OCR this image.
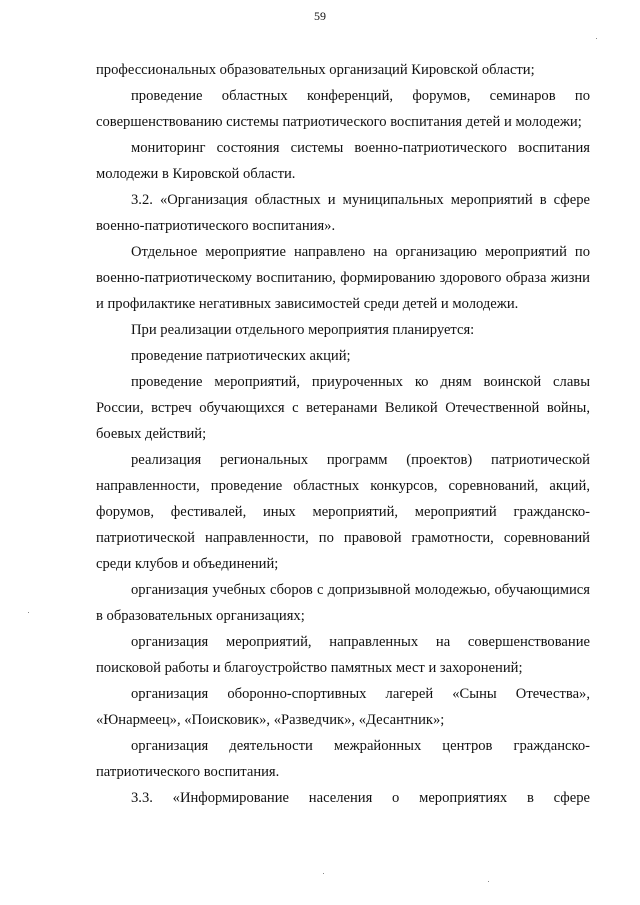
59

профессиональных образовательных организаций Кировской области;

проведение областных конференций, форумов, семинаров по совершенствованию системы патриотического воспитания детей и молодежи;

мониторинг состояния системы военно-патриотического воспитания молодежи в Кировской области.

3.2. «Организация областных и муниципальных мероприятий в сфере военно-патриотического воспитания».

Отдельное мероприятие направлено на организацию мероприятий по военно-патриотическому воспитанию, формированию здорового образа жизни и профилактике негативных зависимостей среди детей и молодежи.

При реализации отдельного мероприятия планируется:

проведение патриотических акций;

проведение мероприятий, приуроченных ко дням воинской славы России, встреч обучающихся с ветеранами Великой Отечественной войны, боевых действий;

реализация региональных программ (проектов) патриотической направленности, проведение областных конкурсов, соревнований, акций, форумов, фестивалей, иных мероприятий, мероприятий гражданско-патриотической направленности, по правовой грамотности, соревнований среди клубов и объединений;

организация учебных сборов с допризывной молодежью, обучающимися в образовательных организациях;

организация мероприятий, направленных на совершенствование поисковой работы и благоустройство памятных мест и захоронений;

организация оборонно-спортивных лагерей «Сыны Отечества», «Юнармеец», «Поисковик», «Разведчик», «Десантник»;

организация деятельности межрайонных центров гражданско-патриотического воспитания.

3.3. «Информирование населения о мероприятиях в сфере
